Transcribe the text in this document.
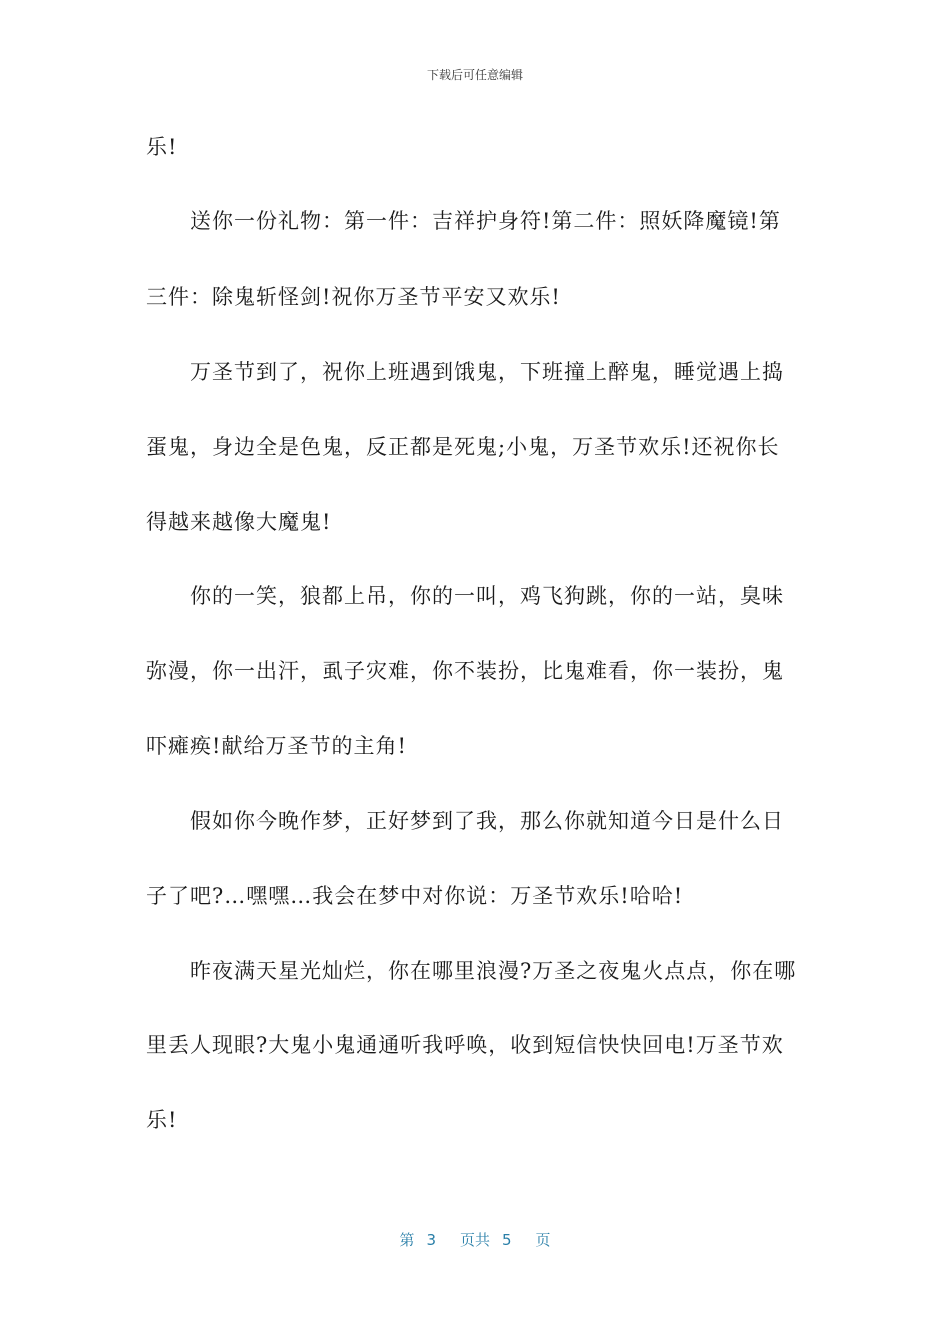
下载后可任意编辑
乐!
送你一份礼物：第一件：吉祥护身符!第二件：照妖降魔镜!第
三件：除鬼斩怪剑!祝你万圣节平安又欢乐!
万圣节到了，祝你上班遇到饿鬼，下班撞上醉鬼，睡觉遇上捣
蛋鬼，身边全是色鬼，反正都是死鬼;小鬼，万圣节欢乐!还祝你长
得越来越像大魔鬼!
你的一笑，狼都上吊，你的一叫，鸡飞狗跳，你的一站，臭味
弥漫，你一出汗，虱子灾难，你不装扮，比鬼难看，你一装扮，鬼
吓瘫痪!献给万圣节的主角!
假如你今晚作梦，正好梦到了我，那么你就知道今日是什么日
子了吧?…嘿嘿…我会在梦中对你说：万圣节欢乐!哈哈!
昨夜满天星光灿烂，你在哪里浪漫?万圣之夜鬼火点点，你在哪
里丢人现眼?大鬼小鬼通通听我呼唤，收到短信快快回电!万圣节欢
乐!
第 3 页共 5 页
